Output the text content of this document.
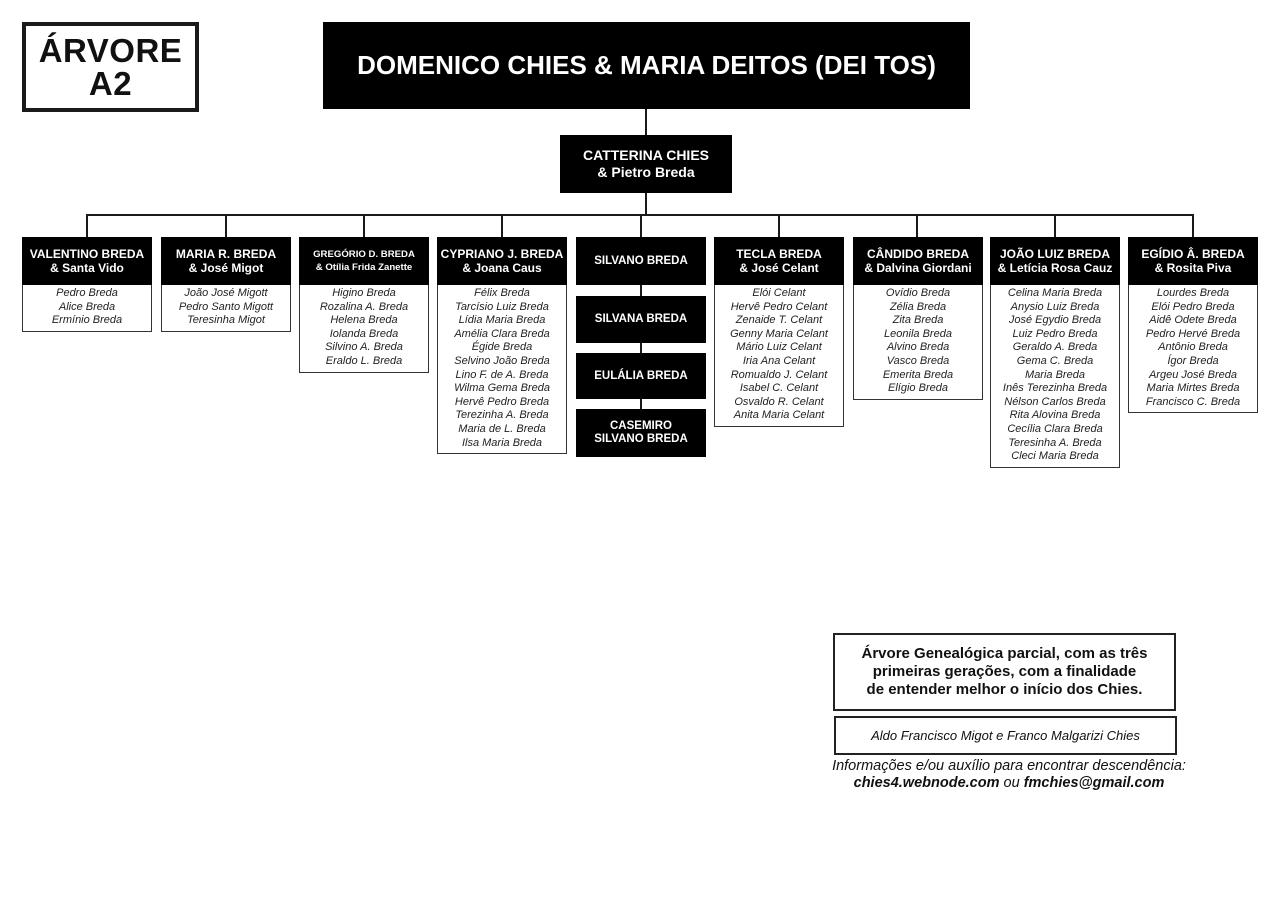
ÁRVORE
A2	DOMENICO CHIES & MARIA DEITOS (DEI TOS)
CATTERINA CHIES
& Pietro Breda
VALENTINO BREDA
& Santa Vido
Pedro Breda
Alice Breda
Ermínio Breda
MARIA R. BREDA
& José Migot
João José Migott
Pedro Santo Migott
Teresinha Migot
GREGÓRIO D. BREDA
& Otília Frida Zanette
Higino Breda
Rozalina A. Breda
Helena Breda
Iolanda Breda
Silvino A. Breda
Eraldo L. Breda
CYPRIANO J. BREDA
& Joana Caus
Félix Breda
Tarcísio Luiz Breda
Lídia Maria Breda
Amélia Clara Breda
Égide Breda
Selvino João Breda
Lino F. de A. Breda
Wilma Gema Breda
Hervê Pedro Breda
Terezinha A. Breda
Maria de L. Breda
Ilsa Maria Breda
SILVANO BREDA
SILVANA BREDA
EULÁLIA BREDA
CASEMIRO
SILVANO BREDA
TECLA BREDA
& José Celant
Elói Celant
Hervê Pedro Celant
Zenaide T. Celant
Genny Maria Celant
Mário Luiz Celant
Iria Ana Celant
Romualdo J. Celant
Isabel C. Celant
Osvaldo R. Celant
Anita Maria Celant
CÂNDIDO BREDA
& Dalvina Giordani
Ovídio Breda
Zélia Breda
Zita Breda
Leonila Breda
Alvino Breda
Vasco Breda
Emerita Breda
Elígio Breda
JOÃO LUIZ BREDA
& Letícia Rosa Cauz
Celina Maria Breda
Anysio Luiz Breda
José Egydio Breda
Luiz Pedro Breda
Geraldo A. Breda
Gema C. Breda
Maria Breda
Inês Terezinha Breda
Nélson Carlos Breda
Rita Alovina Breda
Cecília Clara Breda
Teresinha A. Breda
Cleci Maria Breda
EGÍDIO Â. BREDA
& Rosita Piva
Lourdes Breda
Elói Pedro Breda
Aidê Odete Breda
Pedro Hervé Breda
Antônio Breda
Ígor Breda
Argeu José Breda
Maria Mirtes Breda
Francisco C. Breda
Árvore Genealógica parcial, com as três
primeiras gerações, com a finalidade
de entender melhor o início dos Chies.
Aldo Francisco Migot e Franco Malgarizi Chies
Informações e/ou auxílio para encontrar descendência:
chies4.webnode.com ou fmchies@gmail.com
